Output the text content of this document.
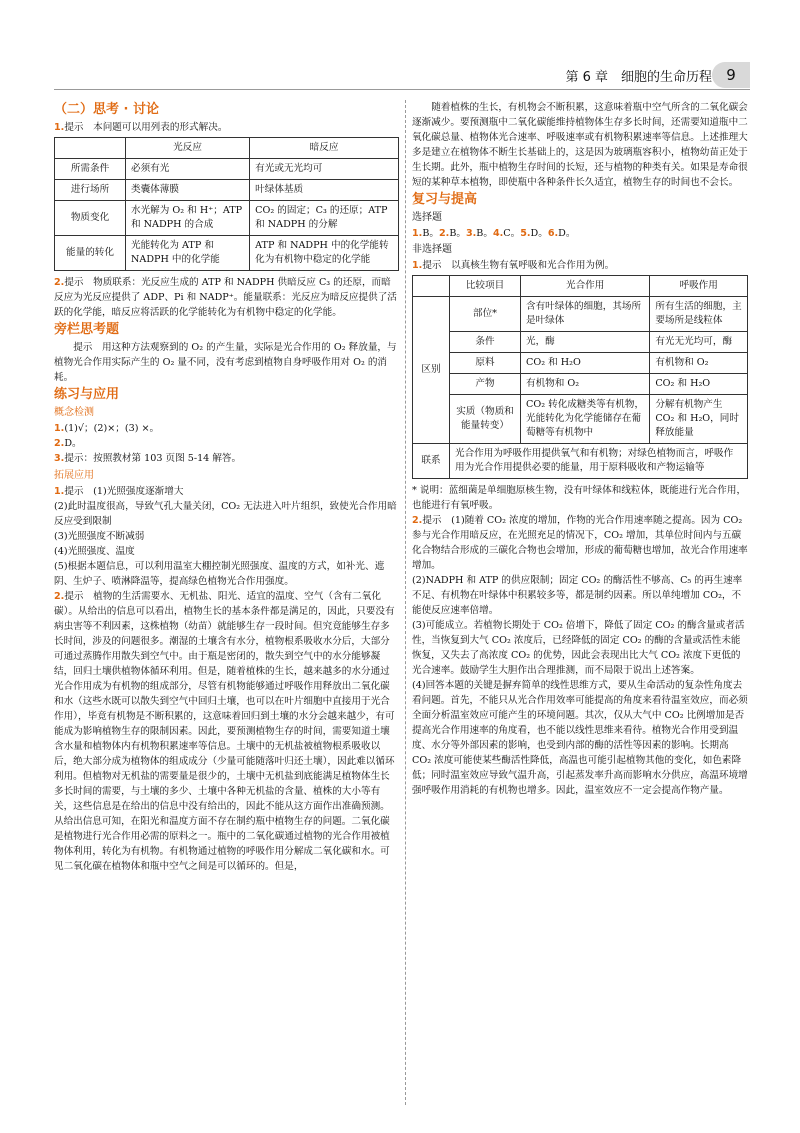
第 6 章　细胞的生命历程 9
（二）思考 · 讨论

1.提示　本问题可以用列表的形式解决。

	光反应	暗反应
所需条件	必须有光	有光或无光均可
进行场所	类囊体薄膜	叶绿体基质
物质变化	水光解为 O₂ 和 H⁺；ATP 和 NADPH 的合成	CO₂ 的固定；C₃ 的还原；ATP 和 NADPH 的分解
能量的转化	光能转化为 ATP 和 NADPH 中的化学能	ATP 和 NADPH 中的化学能转化为有机物中稳定的化学能

2.提示　物质联系：光反应生成的 ATP 和 NADPH 供暗反应 C₃ 的还原，而暗反应为光反应提供了 ADP、Pi 和 NADP⁺。能量联系：光反应为暗反应提供了活跃的化学能，暗反应将活跃的化学能转化为有机物中稳定的化学能。

旁栏思考题

提示　用这种方法观察到的 O₂ 的产生量，实际是光合作用的 O₂ 释放量，与植物光合作用实际产生的 O₂ 量不同，没有考虑到植物自身呼吸作用对 O₂ 的消耗。

练习与应用
概念检测

1.(1)√；(2)×；(3) ×。

2.D。

3.提示：按照教材第 103 页图 5-14 解答。

拓展应用

1.提示　(1)光照强度逐渐增大

(2)此时温度很高，导致气孔大量关闭，CO₂ 无法进入叶片组织，致使光合作用暗反应受到限制

(3)光照强度不断减弱

(4)光照强度、温度

(5)根据本题信息，可以利用温室大棚控制光照强度、温度的方式，如补光、遮阴、生炉子、喷淋降温等，提高绿色植物光合作用强度。

2.提示　植物的生活需要水、无机盐、阳光、适宜的温度、空气（含有二氧化碳）。从给出的信息可以看出，植物生长的基本条件都是满足的，因此，只要没有病虫害等不利因素，这株植物（幼苗）就能够生存一段时间。但究竟能够生存多长时间，涉及的问题很多。潮湿的土壤含有水分，植物根系吸收水分后，大部分可通过蒸腾作用散失到空气中。由于瓶是密闭的，散失到空气中的水分能够凝结，回归土壤供植物体循环利用。但是，随着植株的生长，越来越多的水分通过光合作用成为有机物的组成部分，尽管有机物能够通过呼吸作用释放出二氧化碳和水（这些水既可以散失到空气中回归土壤，也可以在叶片细胞中直接用于光合作用），毕竟有机物是不断积累的，这意味着回归到土壤的水分会越来越少，有可能成为影响植物生存的限制因素。因此，要预测植物生存的时间，需要知道土壤含水量和植物体内有机物积累速率等信息。土壤中的无机盐被植物根系吸收以后，绝大部分成为植物体的组成成分（少量可能随落叶归还土壤），因此难以循环利用。但植物对无机盐的需要量是很少的，土壤中无机盐到底能满足植物体生长多长时间的需要，与土壤的多少、土壤中各种无机盐的含量、植株的大小等有关，这些信息是在给出的信息中没有给出的，因此不能从这方面作出准确预测。从给出信息可知，在阳光和温度方面不存在制约瓶中植物生存的问题。二氧化碳是植物进行光合作用必需的原料之一。瓶中的二氧化碳通过植物的光合作用被植物体利用，转化为有机物。有机物通过植物的呼吸作用分解成二氧化碳和水。可见二氧化碳在植物体和瓶中空气之间是可以循环的。但是，

随着植株的生长，有机物会不断积累，这意味着瓶中空气所含的二氧化碳会逐渐减少。要预测瓶中二氧化碳能维持植物体生存多长时间，还需要知道瓶中二氧化碳总量、植物体光合速率、呼吸速率或有机物积累速率等信息。上述推理大多是建立在植物体不断生长基础上的，这是因为玻璃瓶容积小，植物幼苗正处于生长期。此外，瓶中植物生存时间的长短，还与植物的种类有关。如果是寿命很短的某种草本植物，即使瓶中各种条件长久适宜，植物生存的时间也不会长。

复习与提高
选择题

1.B。2.B。3.B。4.C。5.D。6.D。

非选择题

1.提示　以真核生物有氧呼吸和光合作用为例。

	比较项目	光合作用	呼吸作用
区别	部位*	含有叶绿体的细胞，其场所是叶绿体	所有生活的细胞，主要场所是线粒体
	条件	光，酶	有光无光均可，酶
	原料	CO₂ 和 H₂O	有机物和 O₂
	产物	有机物和 O₂	CO₂ 和 H₂O
	实质（物质和能量转变）	CO₂ 转化成糖类等有机物，光能转化为化学能储存在葡萄糖等有机物中	分解有机物产生 CO₂ 和 H₂O，同时释放能量
联系	光合作用为呼吸作用提供氧气和有机物；对绿色植物而言，呼吸作用为光合作用提供必要的能量，用于原料吸收和产物运输等		

* 说明：蓝细菌是单细胞原核生物，没有叶绿体和线粒体，既能进行光合作用，也能进行有氧呼吸。

2.提示　(1)随着 CO₂ 浓度的增加，作物的光合作用速率随之提高。因为 CO₂ 参与光合作用暗反应，在光照充足的情况下，CO₂ 增加，其单位时间内与五碳化合物结合形成的三碳化合物也会增加，形成的葡萄糖也增加，故光合作用速率增加。

(2)NADPH 和 ATP 的供应限制；固定 CO₂ 的酶活性不够高、C₅ 的再生速率不足、有机物在叶绿体中积累较多等，都是制约因素。所以单纯增加 CO₂，不能使反应速率倍增。

(3)可能成立。若植物长期处于 CO₂ 倍增下，降低了固定 CO₂ 的酶含量或者活性，当恢复到大气 CO₂ 浓度后，已经降低的固定 CO₂ 的酶的含量或活性未能恢复，又失去了高浓度 CO₂ 的优势，因此会表现出比大气 CO₂ 浓度下更低的光合速率。鼓励学生大胆作出合理推测，而不局限于说出上述答案。

(4)回答本题的关键是摒弃简单的线性思维方式，要从生命活动的复杂性角度去看问题。首先，不能只从光合作用效率可能提高的角度来看待温室效应，而必须全面分析温室效应可能产生的环境问题。其次，仅从大气中 CO₂ 比例增加是否提高光合作用速率的角度看，也不能以线性思维来看待。植物光合作用受到温度、水分等外部因素的影响，也受到内部的酶的活性等因素的影响。长期高 CO₂ 浓度可能使某些酶活性降低，高温也可能引起植物其他的变化，如色素降低；同时温室效应导致气温升高，引起蒸发率升高而影响水分供应，高温环境增强呼吸作用消耗的有机物也增多。因此，温室效应不一定会提高作物产量。
